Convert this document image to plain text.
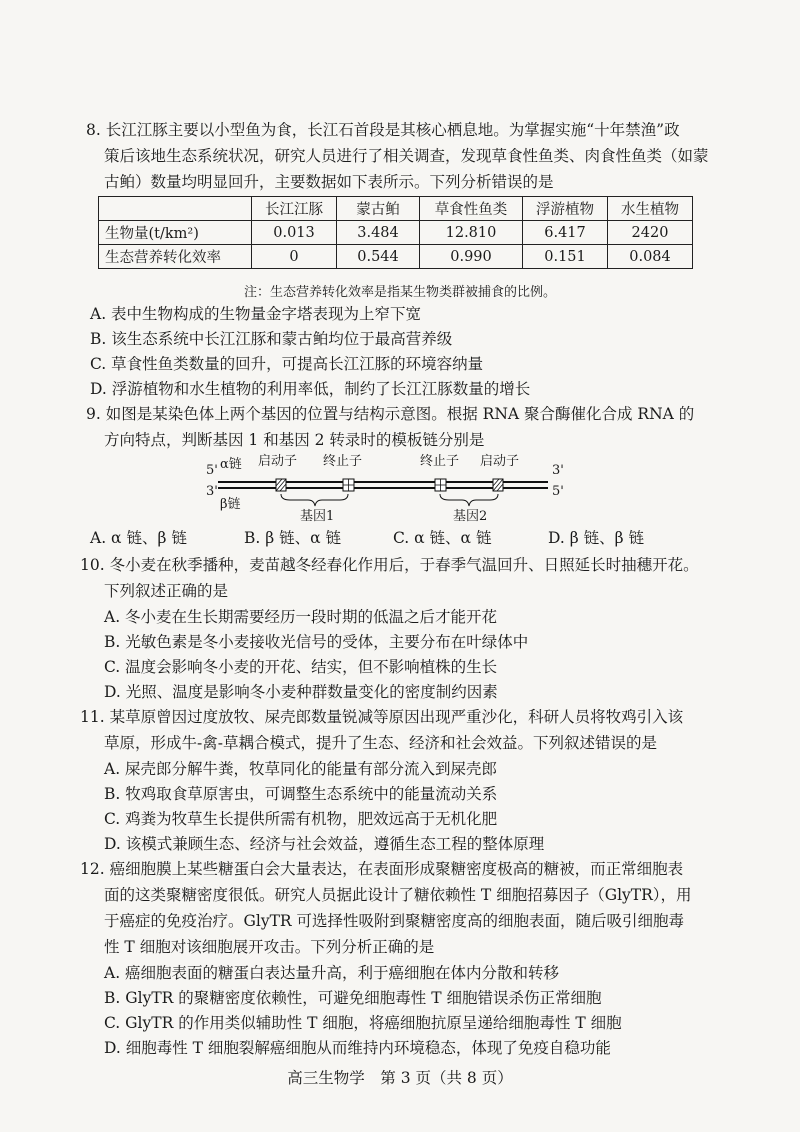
8. 长江江豚主要以小型鱼为食，长江石首段是其核心栖息地。为掌握实施“十年禁渔”政
策后该地生态系统状况，研究人员进行了相关调查，发现草食性鱼类、肉食性鱼类（如蒙
古鲌）数量均明显回升，主要数据如下表所示。下列分析错误的是
	长江江豚	蒙古鲌	草食性鱼类	浮游植物	水生植物
生物量(t/km²)	0.013	3.484	12.810	6.417	2420
生态营养转化效率	0	0.544	0.990	0.151	0.084
注：生态营养转化效率是指某生物类群被捕食的比例。
A. 表中生物构成的生物量金字塔表现为上窄下宽
B. 该生态系统中长江江豚和蒙古鲌均位于最高营养级
C. 草食性鱼类数量的回升，可提高长江江豚的环境容纳量
D. 浮游植物和水生植物的利用率低，制约了长江江豚数量的增长
9. 如图是某染色体上两个基因的位置与结构示意图。根据 RNA 聚合酶催化合成 RNA 的
方向特点，判断基因 1 和基因 2 转录时的模板链分别是
5' α链
3'
β链
3'
5'
启动子 终止子	终止子 启动子
基因1	基因2
A. α 链、β 链	B. β 链、α 链	C. α 链、α 链	D. β 链、β 链
10. 冬小麦在秋季播种，麦苗越冬经春化作用后，于春季气温回升、日照延长时抽穗开花。
下列叙述正确的是
A. 冬小麦在生长期需要经历一段时期的低温之后才能开花
B. 光敏色素是冬小麦接收光信号的受体，主要分布在叶绿体中
C. 温度会影响冬小麦的开花、结实，但不影响植株的生长
D. 光照、温度是影响冬小麦种群数量变化的密度制约因素
11. 某草原曾因过度放牧、屎壳郎数量锐减等原因出现严重沙化，科研人员将牧鸡引入该
草原，形成牛-禽-草耦合模式，提升了生态、经济和社会效益。下列叙述错误的是
A. 屎壳郎分解牛粪，牧草同化的能量有部分流入到屎壳郎
B. 牧鸡取食草原害虫，可调整生态系统中的能量流动关系
C. 鸡粪为牧草生长提供所需有机物，肥效远高于无机化肥
D. 该模式兼顾生态、经济与社会效益，遵循生态工程的整体原理
12. 癌细胞膜上某些糖蛋白会大量表达，在表面形成聚糖密度极高的糖被，而正常细胞表
面的这类聚糖密度很低。研究人员据此设计了糖依赖性 T 细胞招募因子（GlyTR），用
于癌症的免疫治疗。GlyTR 可选择性吸附到聚糖密度高的细胞表面，随后吸引细胞毒
性 T 细胞对该细胞展开攻击。下列分析正确的是
A. 癌细胞表面的糖蛋白表达量升高，利于癌细胞在体内分散和转移
B. GlyTR 的聚糖密度依赖性，可避免细胞毒性 T 细胞错误杀伤正常细胞
C. GlyTR 的作用类似辅助性 T 细胞，将癌细胞抗原呈递给细胞毒性 T 细胞
D. 细胞毒性 T 细胞裂解癌细胞从而维持内环境稳态，体现了免疫自稳功能
高三生物学　第 3 页（共 8 页）
